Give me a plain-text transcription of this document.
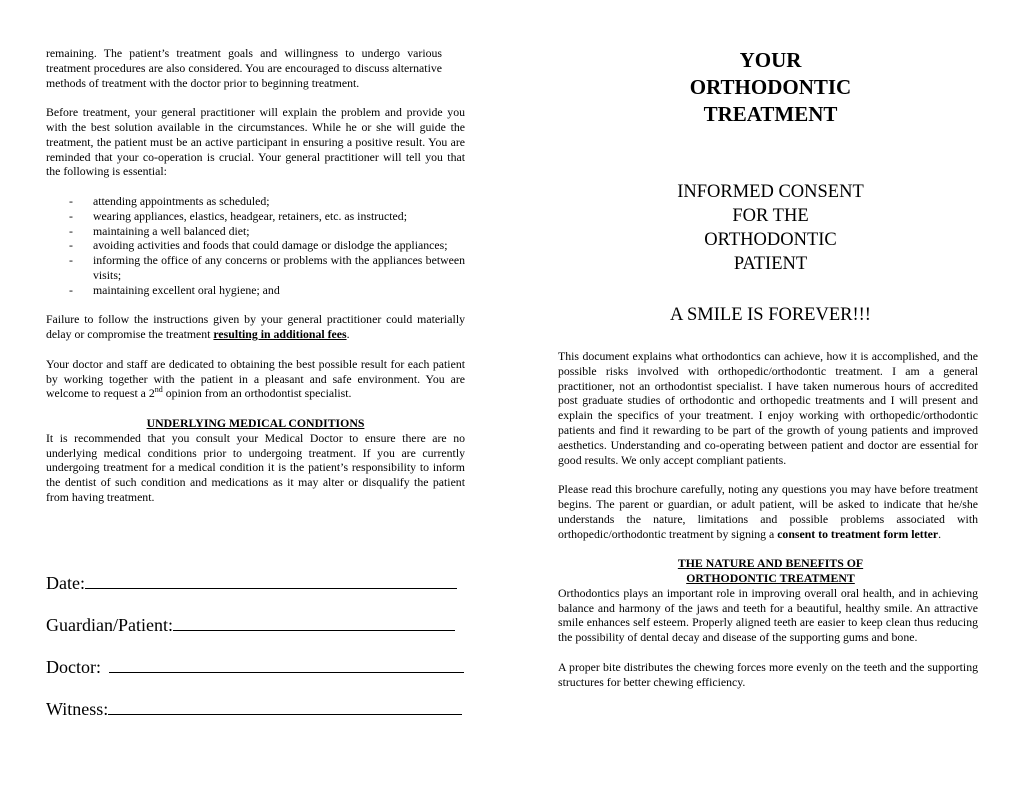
remaining. The patient’s treatment goals and willingness to undergo various treatment procedures are also considered. You are encouraged to discuss alternative methods of treatment with the doctor prior to beginning treatment.

Before treatment, your general practitioner will explain the problem and provide you with the best solution available in the circumstances. While he or she will guide the treatment, the patient must be an active participant in ensuring a positive result. You are reminded that your co-operation is crucial. Your general practitioner will tell you that the following is essential:

- attending appointments as scheduled;
- wearing appliances, elastics, headgear, retainers, etc. as instructed;
- maintaining a well balanced diet;
- avoiding activities and foods that could damage or dislodge the appliances;
- informing the office of any concerns or problems with the appliances between visits;
- maintaining excellent oral hygiene; and

Failure to follow the instructions given by your general practitioner could materially delay or compromise the treatment resulting in additional fees.

Your doctor and staff are dedicated to obtaining the best possible result for each patient by working together with the patient in a pleasant and safe environment. You are welcome to request a 2nd opinion from an orthodontist specialist.

UNDERLYING MEDICAL CONDITIONS

It is recommended that you consult your Medical Doctor to ensure there are no underlying medical conditions prior to undergoing treatment. If you are currently undergoing treatment for a medical condition it is the patient’s responsibility to inform the dentist of such condition and medications as it may alter or disqualify the patient from having treatment.

Date:
Guardian/Patient:
Doctor:
Witness:
YOUR
ORTHODONTIC
TREATMENT
INFORMED CONSENT
FOR THE
ORTHODONTIC
PATIENT
A SMILE IS FOREVER!!!

This document explains what orthodontics can achieve, how it is accomplished, and the possible risks involved with orthopedic/orthodontic treatment. I am a general practitioner, not an orthodontist specialist. I have taken numerous hours of accredited post graduate studies of orthodontic and orthopedic treatments and I will present and explain the specifics of your treatment. I enjoy working with orthopedic/orthodontic patients and find it rewarding to be part of the growth of young patients and improved aesthetics. Understanding and co-operating between patient and doctor are essential for good results. We only accept compliant patients.

Please read this brochure carefully, noting any questions you may have before treatment begins. The parent or guardian, or adult patient, will be asked to indicate that he/she understands the nature, limitations and possible problems associated with orthopedic/orthodontic treatment by signing a consent to treatment form letter.

THE NATURE AND BENEFITS OF
ORTHODONTIC TREATMENT

Orthodontics plays an important role in improving overall oral health, and in achieving balance and harmony of the jaws and teeth for a beautiful, healthy smile. An attractive smile enhances self esteem. Properly aligned teeth are easier to keep clean thus reducing the possibility of dental decay and disease of the supporting gums and bone.

A proper bite distributes the chewing forces more evenly on the teeth and the supporting structures for better chewing efficiency.
